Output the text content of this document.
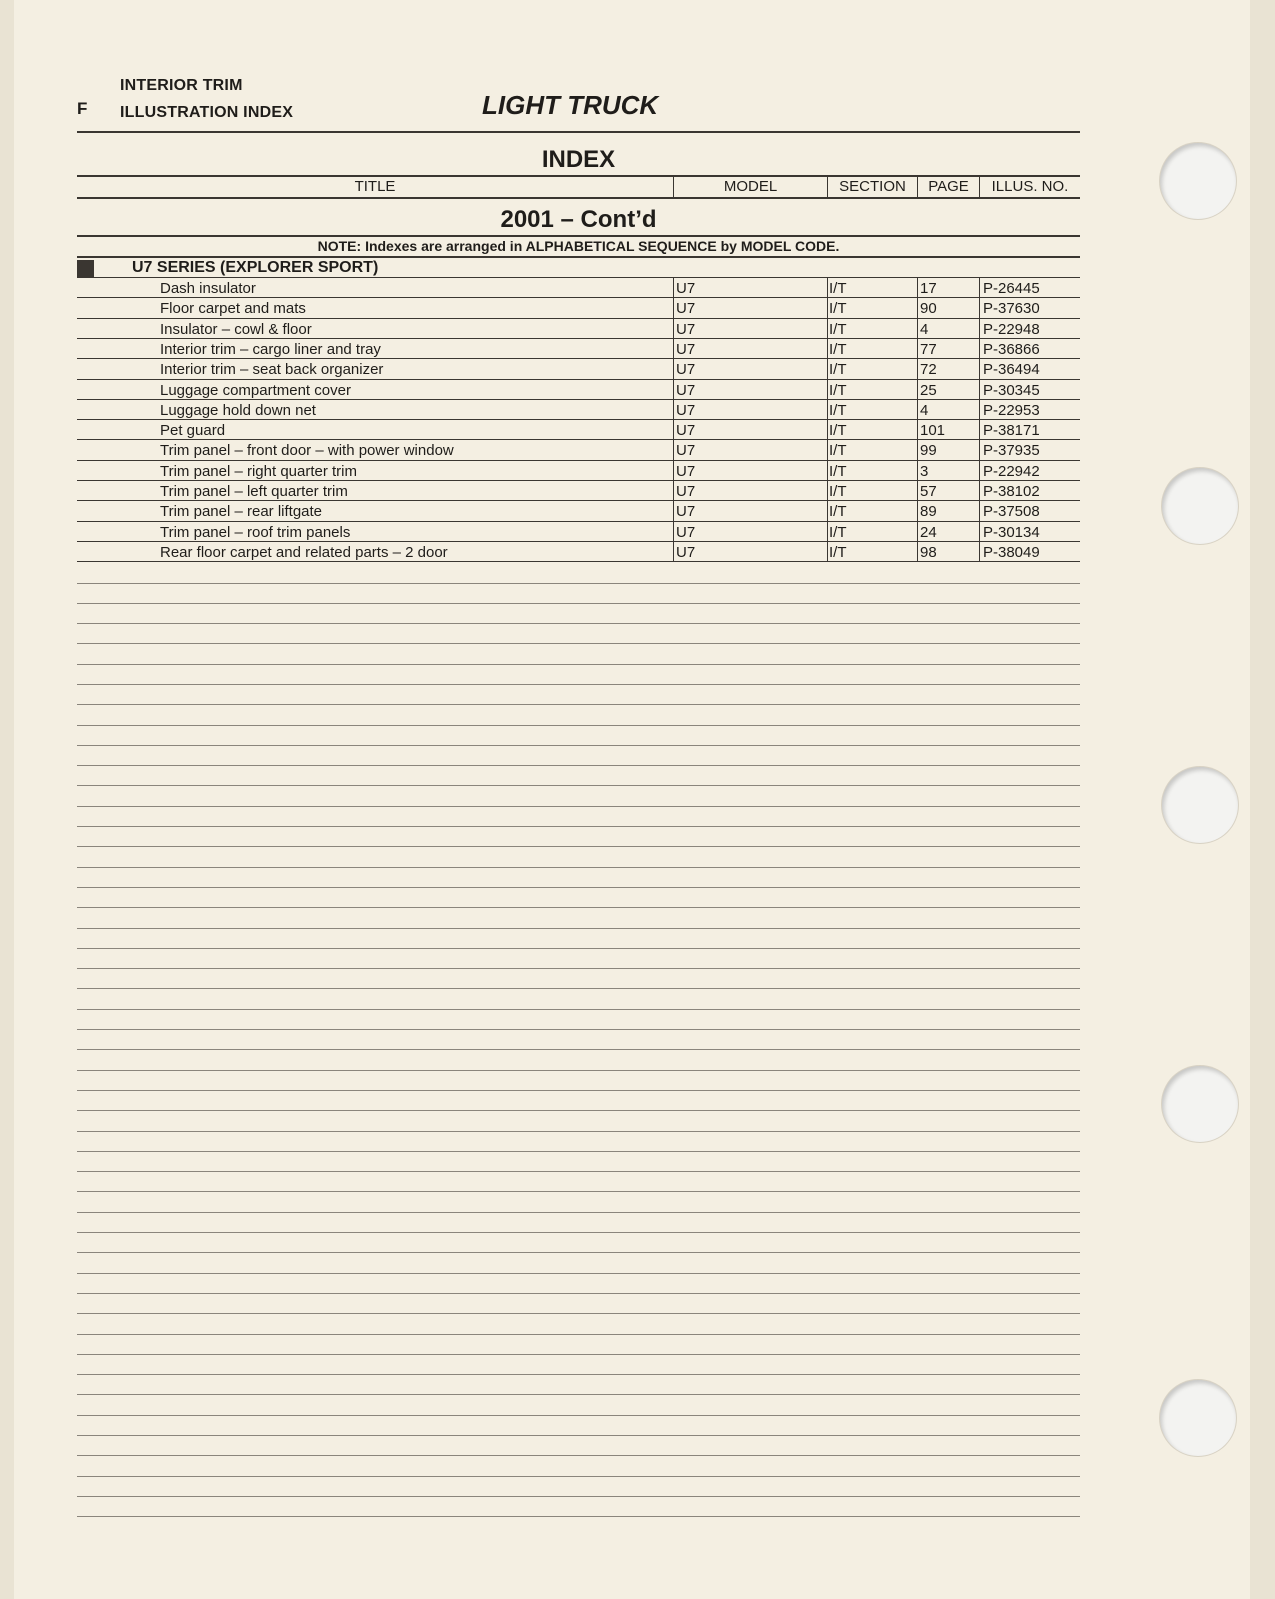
INTERIOR TRIM
ILLUSTRATION INDEX
F	LIGHT TRUCK
INDEX
TITLE	MODEL	SECTION	PAGE	ILLUS. NO.
2001 – Cont’d
NOTE: Indexes are arranged in ALPHABETICAL SEQUENCE by MODEL CODE.
U7 SERIES (EXPLORER SPORT)
Dash insulator	U7	I/T	17	P-26445
Floor carpet and mats	U7	I/T	90	P-37630
Insulator – cowl & floor	U7	I/T	4	P-22948
Interior trim – cargo liner and tray	U7	I/T	77	P-36866
Interior trim – seat back organizer	U7	I/T	72	P-36494
Luggage compartment cover	U7	I/T	25	P-30345
Luggage hold down net	U7	I/T	4	P-22953
Pet guard	U7	I/T	101	P-38171
Trim panel – front door – with power window	U7	I/T	99	P-37935
Trim panel – right quarter trim	U7	I/T	3	P-22942
Trim panel – left quarter trim	U7	I/T	57	P-38102
Trim panel – rear liftgate	U7	I/T	89	P-37508
Trim panel – roof trim panels	U7	I/T	24	P-30134
Rear floor carpet and related parts – 2 door	U7	I/T	98	P-38049
